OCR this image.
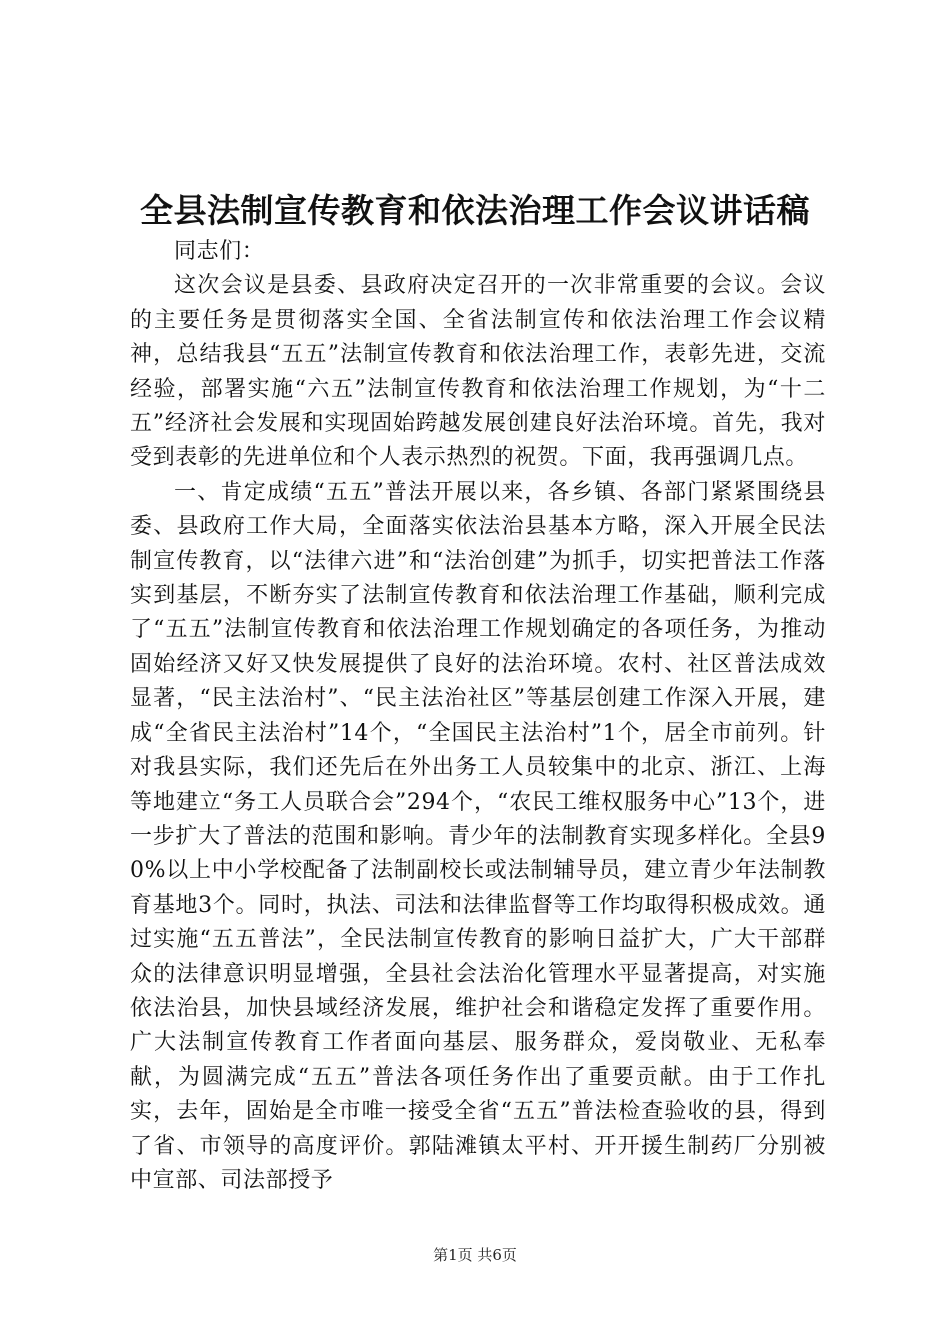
全县法制宣传教育和依法治理工作会议讲话稿

同志们：

这次会议是县委、县政府决定召开的一次非常重要的会议。会议的主要任务是贯彻落实全国、全省法制宣传和依法治理工作会议精神，总结我县“五五”法制宣传教育和依法治理工作，表彰先进，交流经验，部署实施“六五”法制宣传教育和依法治理工作规划，为“十二五”经济社会发展和实现固始跨越发展创建良好法治环境。首先，我对受到表彰的先进单位和个人表示热烈的祝贺。下面，我再强调几点。

一、肯定成绩“五五”普法开展以来，各乡镇、各部门紧紧围绕县委、县政府工作大局，全面落实依法治县基本方略，深入开展全民法制宣传教育，以“法律六进”和“法治创建”为抓手，切实把普法工作落实到基层，不断夯实了法制宣传教育和依法治理工作基础，顺利完成了“五五”法制宣传教育和依法治理工作规划确定的各项任务，为推动固始经济又好又快发展提供了良好的法治环境。农村、社区普法成效显著，“民主法治村”、“民主法治社区”等基层创建工作深入开展，建成“全省民主法治村”14个，“全国民主法治村”1个，居全市前列。针对我县实际，我们还先后在外出务工人员较集中的北京、浙江、上海等地建立“务工人员联合会”294个，“农民工维权服务中心”13个，进一步扩大了普法的范围和影响。青少年的法制教育实现多样化。全县90%以上中小学校配备了法制副校长或法制辅导员，建立青少年法制教育基地3个。同时，执法、司法和法律监督等工作均取得积极成效。通过实施“五五普法”，全民法制宣传教育的影响日益扩大，广大干部群众的法律意识明显增强，全县社会法治化管理水平显著提高，对实施依法治县，加快县域经济发展，维护社会和谐稳定发挥了重要作用。广大法制宣传教育工作者面向基层、服务群众，爱岗敬业、无私奉献，为圆满完成“五五”普法各项任务作出了重要贡献。由于工作扎实，去年，固始是全市唯一接受全省“五五”普法检查验收的县，得到了省、市领导的高度评价。郭陆滩镇太平村、开开援生制药厂分别被中宣部、司法部授予

第1页 共6页
